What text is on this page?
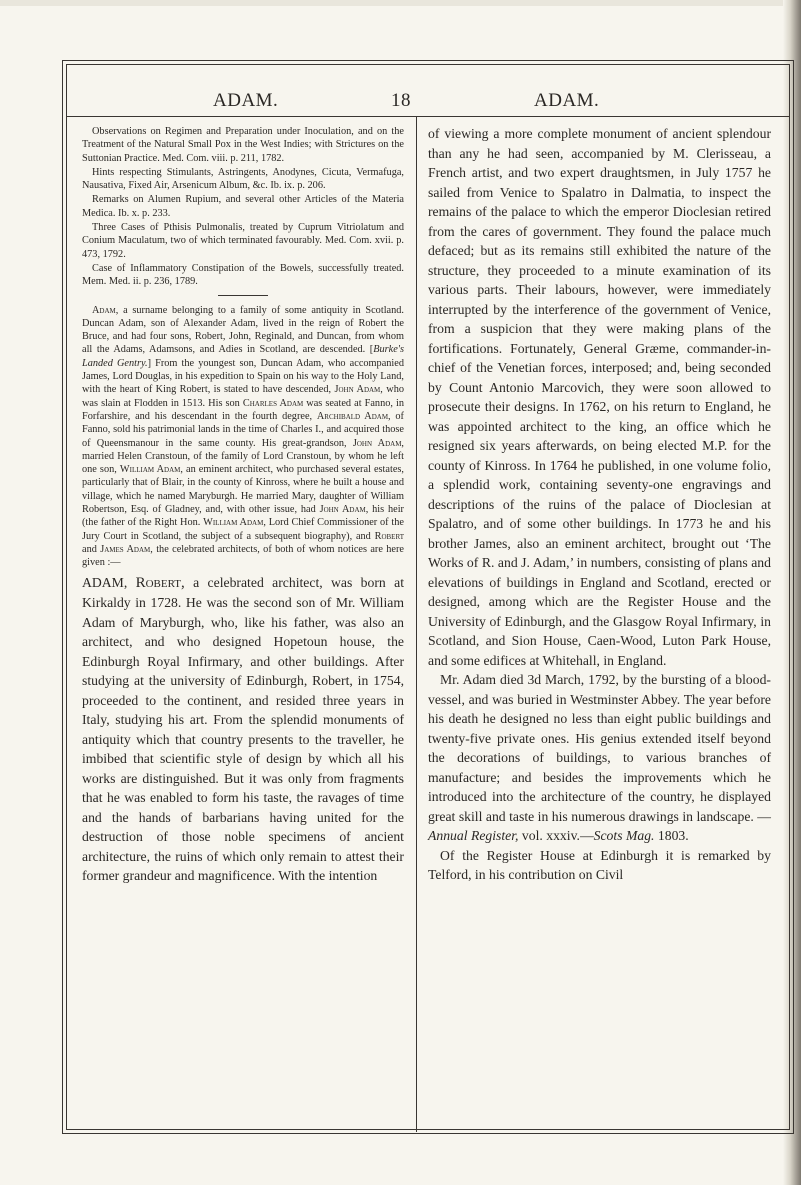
ADAM.	18	ADAM.

Observations on Regimen and Preparation under Inoculation, and on the Treatment of the Natural Small Pox in the West Indies; with Strictures on the Suttonian Practice. Med. Com. viii. p. 211, 1782.

Hints respecting Stimulants, Astringents, Anodynes, Cicuta, Vermafuga, Nausativa, Fixed Air, Arsenicum Album, &c. Ib. ix. p. 206.

Remarks on Alumen Rupium, and several other Articles of the Materia Medica. Ib. x. p. 233.

Three Cases of Pthisis Pulmonalis, treated by Cuprum Vitriolatum and Conium Maculatum, two of which terminated favourably. Med. Com. xvii. p. 473, 1792.

Case of Inflammatory Constipation of the Bowels, successfully treated. Mem. Med. ii. p. 236, 1789.

Adam, a surname belonging to a family of some antiquity in Scotland. Duncan Adam, son of Alexander Adam, lived in the reign of Robert the Bruce, and had four sons, Robert, John, Reginald, and Duncan, from whom all the Adams, Adamsons, and Adies in Scotland, are descended. [Burke's Landed Gentry.] From the youngest son, Duncan Adam, who accompanied James, Lord Douglas, in his expedition to Spain on his way to the Holy Land, with the heart of King Robert, is stated to have descended, John Adam, who was slain at Flodden in 1513. His son Charles Adam was seated at Fanno, in Forfarshire, and his descendant in the fourth degree, Archibald Adam, of Fanno, sold his patrimonial lands in the time of Charles I., and acquired those of Queensmanour in the same county. His great-grandson, John Adam, married Helen Cranstoun, of the family of Lord Cranstoun, by whom he left one son, William Adam, an eminent architect, who purchased several estates, particularly that of Blair, in the county of Kinross, where he built a house and village, which he named Maryburgh. He married Mary, daughter of William Robertson, Esq. of Gladney, and, with other issue, had John Adam, his heir (the father of the Right Hon. William Adam, Lord Chief Commissioner of the Jury Court in Scotland, the subject of a subsequent biography), and Robert and James Adam, the celebrated architects, of both of whom notices are here given :—

ADAM, Robert, a celebrated architect, was born at Kirkaldy in 1728. He was the second son of Mr. William Adam of Maryburgh, who, like his father, was also an architect, and who designed Hopetoun house, the Edinburgh Royal Infirmary, and other buildings. After studying at the university of Edinburgh, Robert, in 1754, proceeded to the continent, and resided three years in Italy, studying his art. From the splendid monuments of antiquity which that country presents to the traveller, he imbibed that scientific style of design by which all his works are distinguished. But it was only from fragments that he was enabled to form his taste, the ravages of time and the hands of barbarians having united for the destruction of those noble specimens of ancient architecture, the ruins of which only remain to attest their former grandeur and magnificence. With the intention

of viewing a more complete monument of ancient splendour than any he had seen, accompanied by M. Clerisseau, a French artist, and two expert draughtsmen, in July 1757 he sailed from Venice to Spalatro in Dalmatia, to inspect the remains of the palace to which the emperor Dioclesian retired from the cares of government. They found the palace much defaced; but as its remains still exhibited the nature of the structure, they proceeded to a minute examination of its various parts. Their labours, however, were immediately interrupted by the interference of the government of Venice, from a suspicion that they were making plans of the fortifications. Fortunately, General Græme, commander-in-chief of the Venetian forces, interposed; and, being seconded by Count Antonio Marcovich, they were soon allowed to prosecute their designs. In 1762, on his return to England, he was appointed architect to the king, an office which he resigned six years afterwards, on being elected M.P. for the county of Kinross. In 1764 he published, in one volume folio, a splendid work, containing seventy-one engravings and descriptions of the ruins of the palace of Dioclesian at Spalatro, and of some other buildings. In 1773 he and his brother James, also an eminent architect, brought out ‘The Works of R. and J. Adam,’ in numbers, consisting of plans and elevations of buildings in England and Scotland, erected or designed, among which are the Register House and the University of Edinburgh, and the Glasgow Royal Infirmary, in Scotland, and Sion House, Caen-Wood, Luton Park House, and some edifices at Whitehall, in England.

Mr. Adam died 3d March, 1792, by the bursting of a blood-vessel, and was buried in Westminster Abbey. The year before his death he designed no less than eight public buildings and twenty-five private ones. His genius extended itself beyond the decorations of buildings, to various branches of manufacture; and besides the improvements which he introduced into the architecture of the country, he displayed great skill and taste in his numerous drawings in landscape. —Annual Register, vol. xxxiv.—Scots Mag. 1803.

Of the Register House at Edinburgh it is remarked by Telford, in his contribution on Civil
